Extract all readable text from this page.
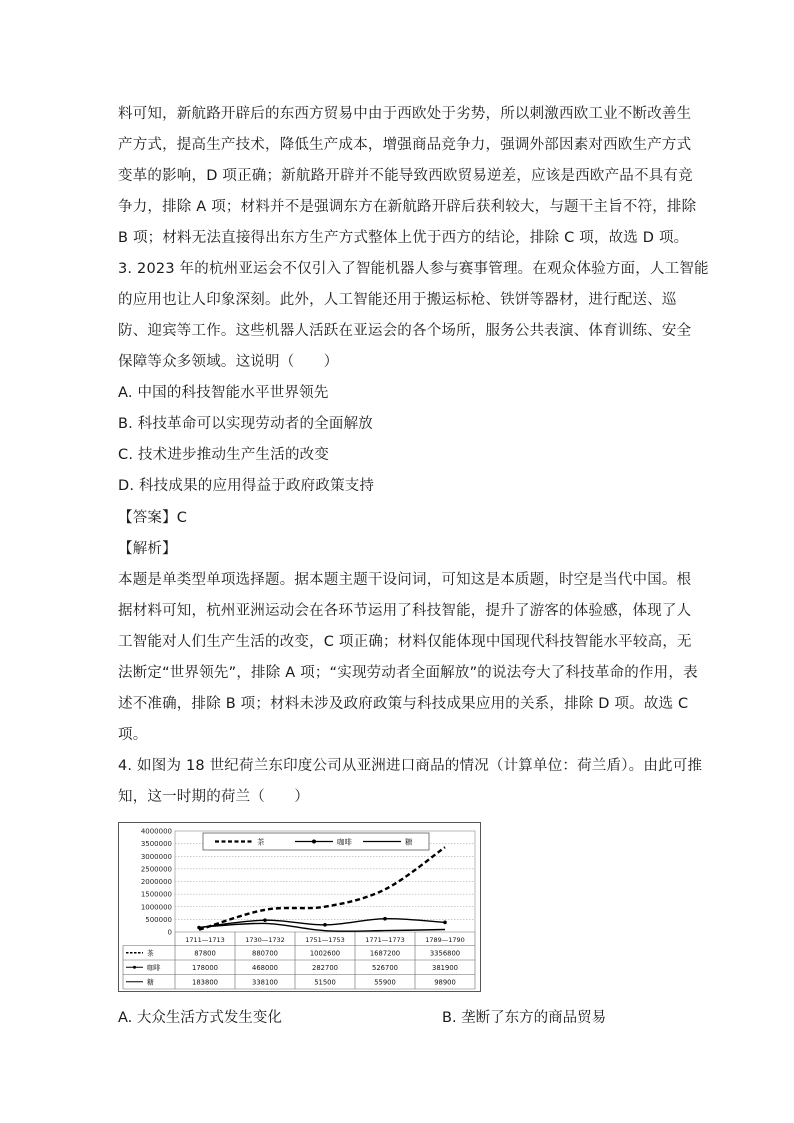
料可知，新航路开辟后的东西方贸易中由于西欧处于劣势，所以刺激西欧工业不断改善生
产方式，提高生产技术，降低生产成本，增强商品竞争力，强调外部因素对西欧生产方式
变革的影响，D 项正确；新航路开辟并不能导致西欧贸易逆差，应该是西欧产品不具有竞
争力，排除 A 项；材料并不是强调东方在新航路开辟后获利较大，与题干主旨不符，排除
B 项；材料无法直接得出东方生产方式整体上优于西方的结论，排除 C 项，故选 D 项。
3. 2023 年的杭州亚运会不仅引入了智能机器人参与赛事管理。在观众体验方面，人工智能
的应用也让人印象深刻。此外，人工智能还用于搬运标枪、铁饼等器材，进行配送、巡
防、迎宾等工作。这些机器人活跃在亚运会的各个场所，服务公共表演、体育训练、安全
保障等众多领域。这说明（　　）
A. 中国的科技智能水平世界领先
B. 科技革命可以实现劳动者的全面解放
C. 技术进步推动生产生活的改变
D. 科技成果的应用得益于政府政策支持
【答案】C
【解析】
本题是单类型单项选择题。据本题主题干设问词，可知这是本质题，时空是当代中国。根
据材料可知，杭州亚洲运动会在各环节运用了科技智能，提升了游客的体验感，体现了人
工智能对人们生产生活的改变，C 项正确；材料仅能体现中国现代科技智能水平较高，无
法断定“世界领先”，排除 A 项；“实现劳动者全面解放”的说法夸大了科技革命的作用，表
述不准确，排除 B 项；材料未涉及政府政策与科技成果应用的关系，排除 D 项。故选 C
项。
4. 如图为 18 世纪荷兰东印度公司从亚洲进口商品的情况（计算单位：荷兰盾）。由此可推
知，这一时期的荷兰（　　）
4000000
3500000
3000000
2500000
2000000
1500000
1000000
500000
0
茶	咖啡	糖
1711—1713	1730—1732	1751—1753	1771—1773	1789—1790
茶	87800	880700	1002600	1687200	3356800
咖啡	178000	468000	282700	526700	381900
糖	183800	338100	51500	55900	98900
A. 大众生活方式发生变化	B. 垄断了东方的商品贸易
